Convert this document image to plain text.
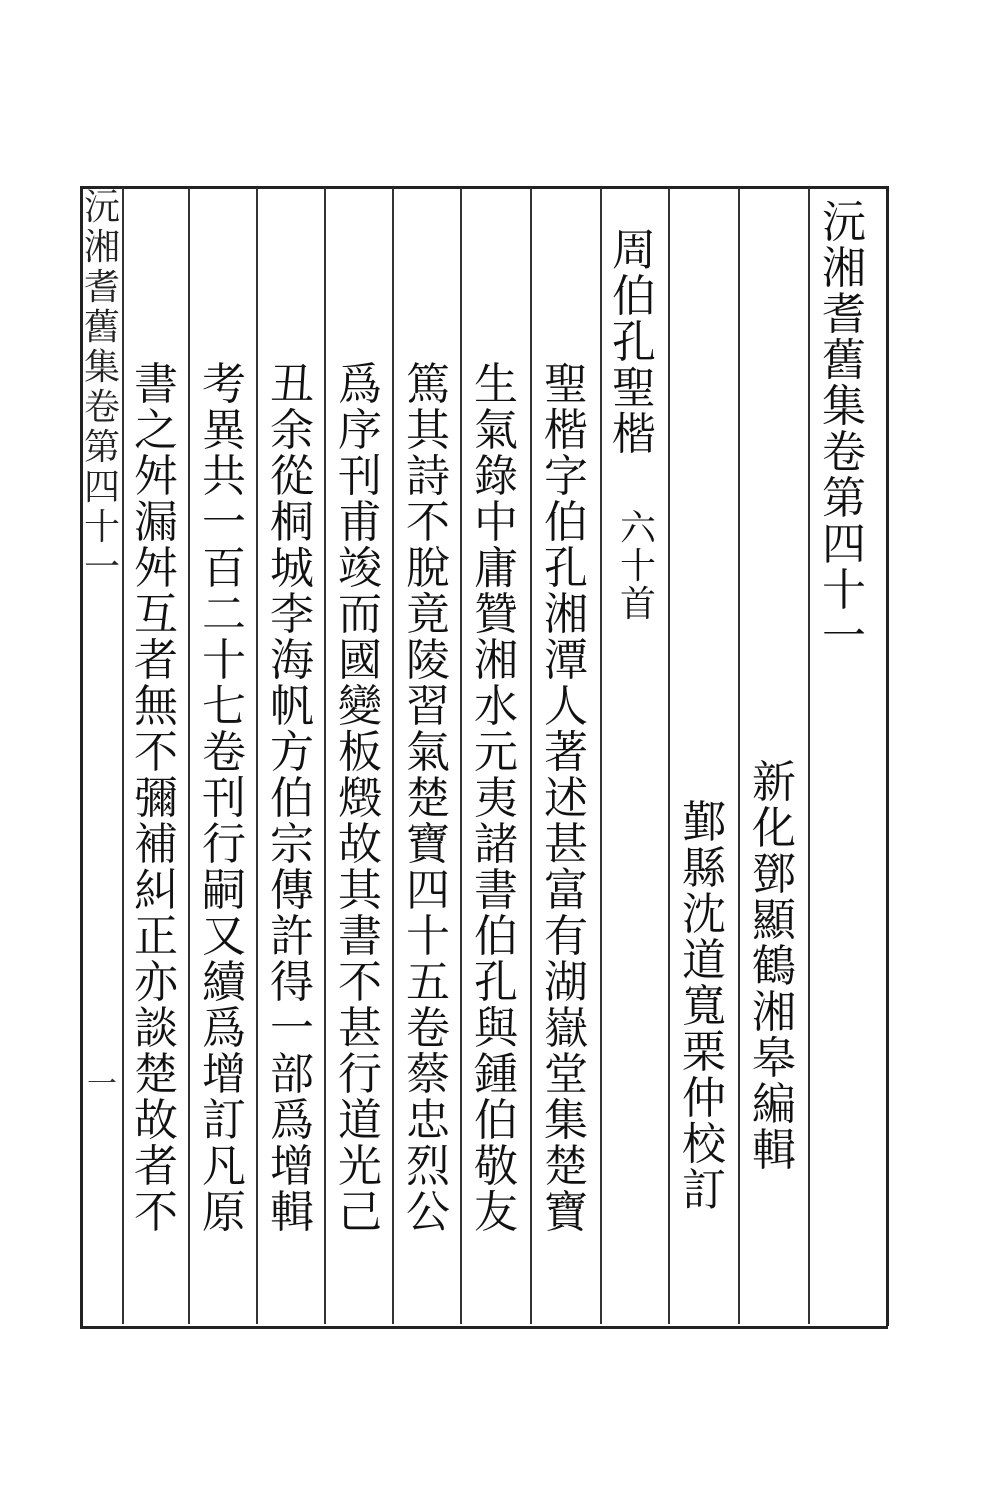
沅湘耆舊集卷第四十一
一
沅湘耆舊集卷第四十一
新化鄧顯鶴湘皋編輯
鄞縣沈道寬栗仲校訂
周伯孔聖楷
六十首
聖楷字伯孔湘潭人著述甚富有湖嶽堂集楚寶
生氣錄中庸贊湘水元夷諸書伯孔與鍾伯敬友
篤其詩不脫竟陵習氣楚寶四十五卷蔡忠烈公
爲序刊甫竣而國變板燬故其書不甚行道光己
丑余從桐城李海帆方伯宗傳許得一部爲增輯
考異共一百二十七卷刊行嗣又續爲增訂凡原
書之舛漏舛互者無不彌補糾正亦談楚故者不
